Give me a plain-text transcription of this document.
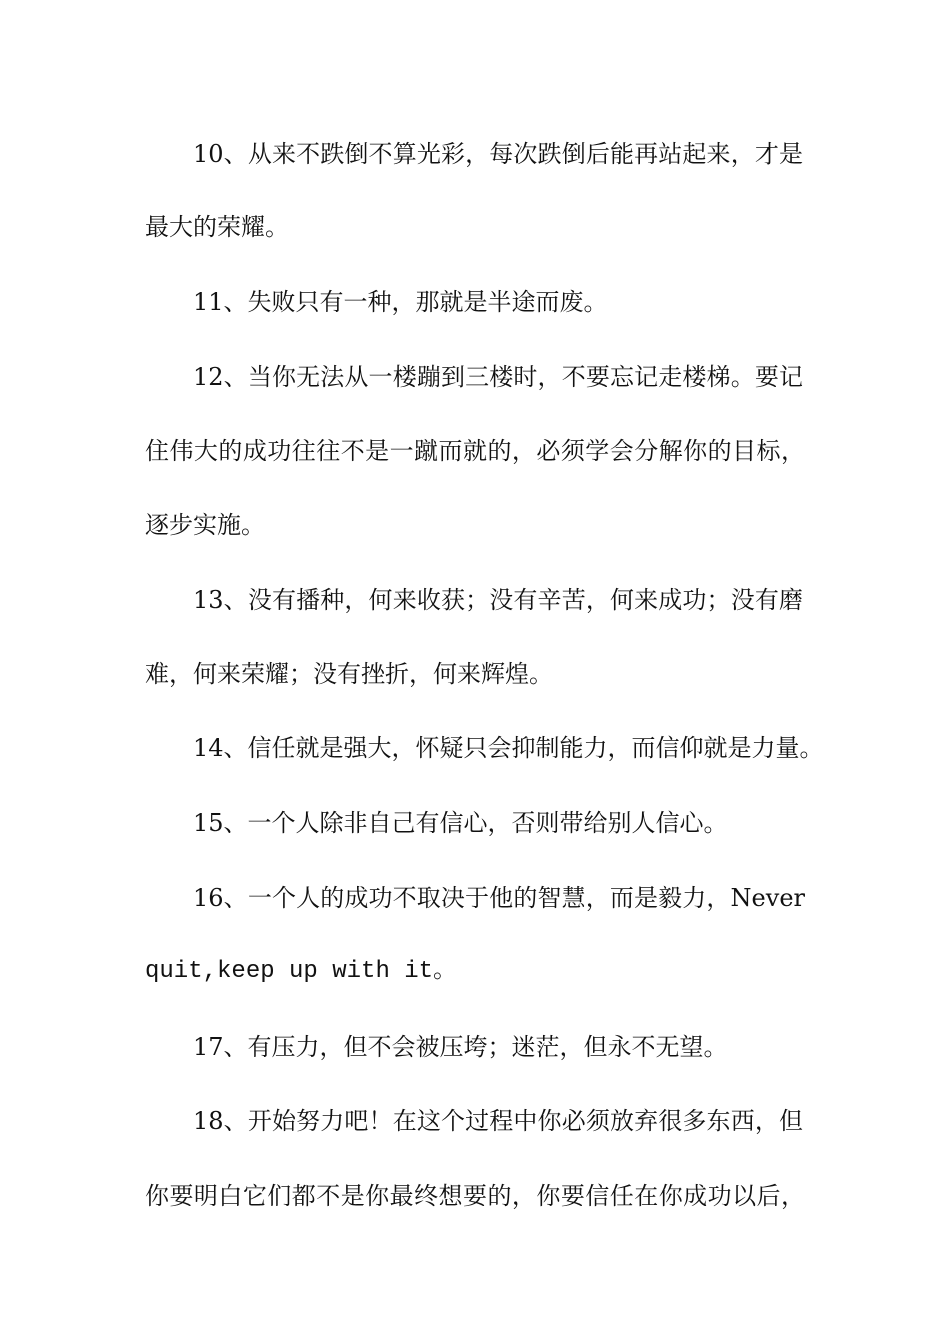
10、从来不跌倒不算光彩，每次跌倒后能再站起来，才是
最大的荣耀。
11、失败只有一种，那就是半途而废。
12、当你无法从一楼蹦到三楼时，不要忘记走楼梯。要记
住伟大的成功往往不是一蹴而就的，必须学会分解你的目标，
逐步实施。
13、没有播种，何来收获；没有辛苦，何来成功；没有磨
难，何来荣耀；没有挫折，何来辉煌。
14、信任就是强大，怀疑只会抑制能力，而信仰就是力量。
15、一个人除非自己有信心，否则带给别人信心。
16、一个人的成功不取决于他的智慧，而是毅力，Never
quit,keep up with it。
17、有压力，但不会被压垮；迷茫，但永不无望。
18、开始努力吧！在这个过程中你必须放弃很多东西，但
你要明白它们都不是你最终想要的，你要信任在你成功以后，
